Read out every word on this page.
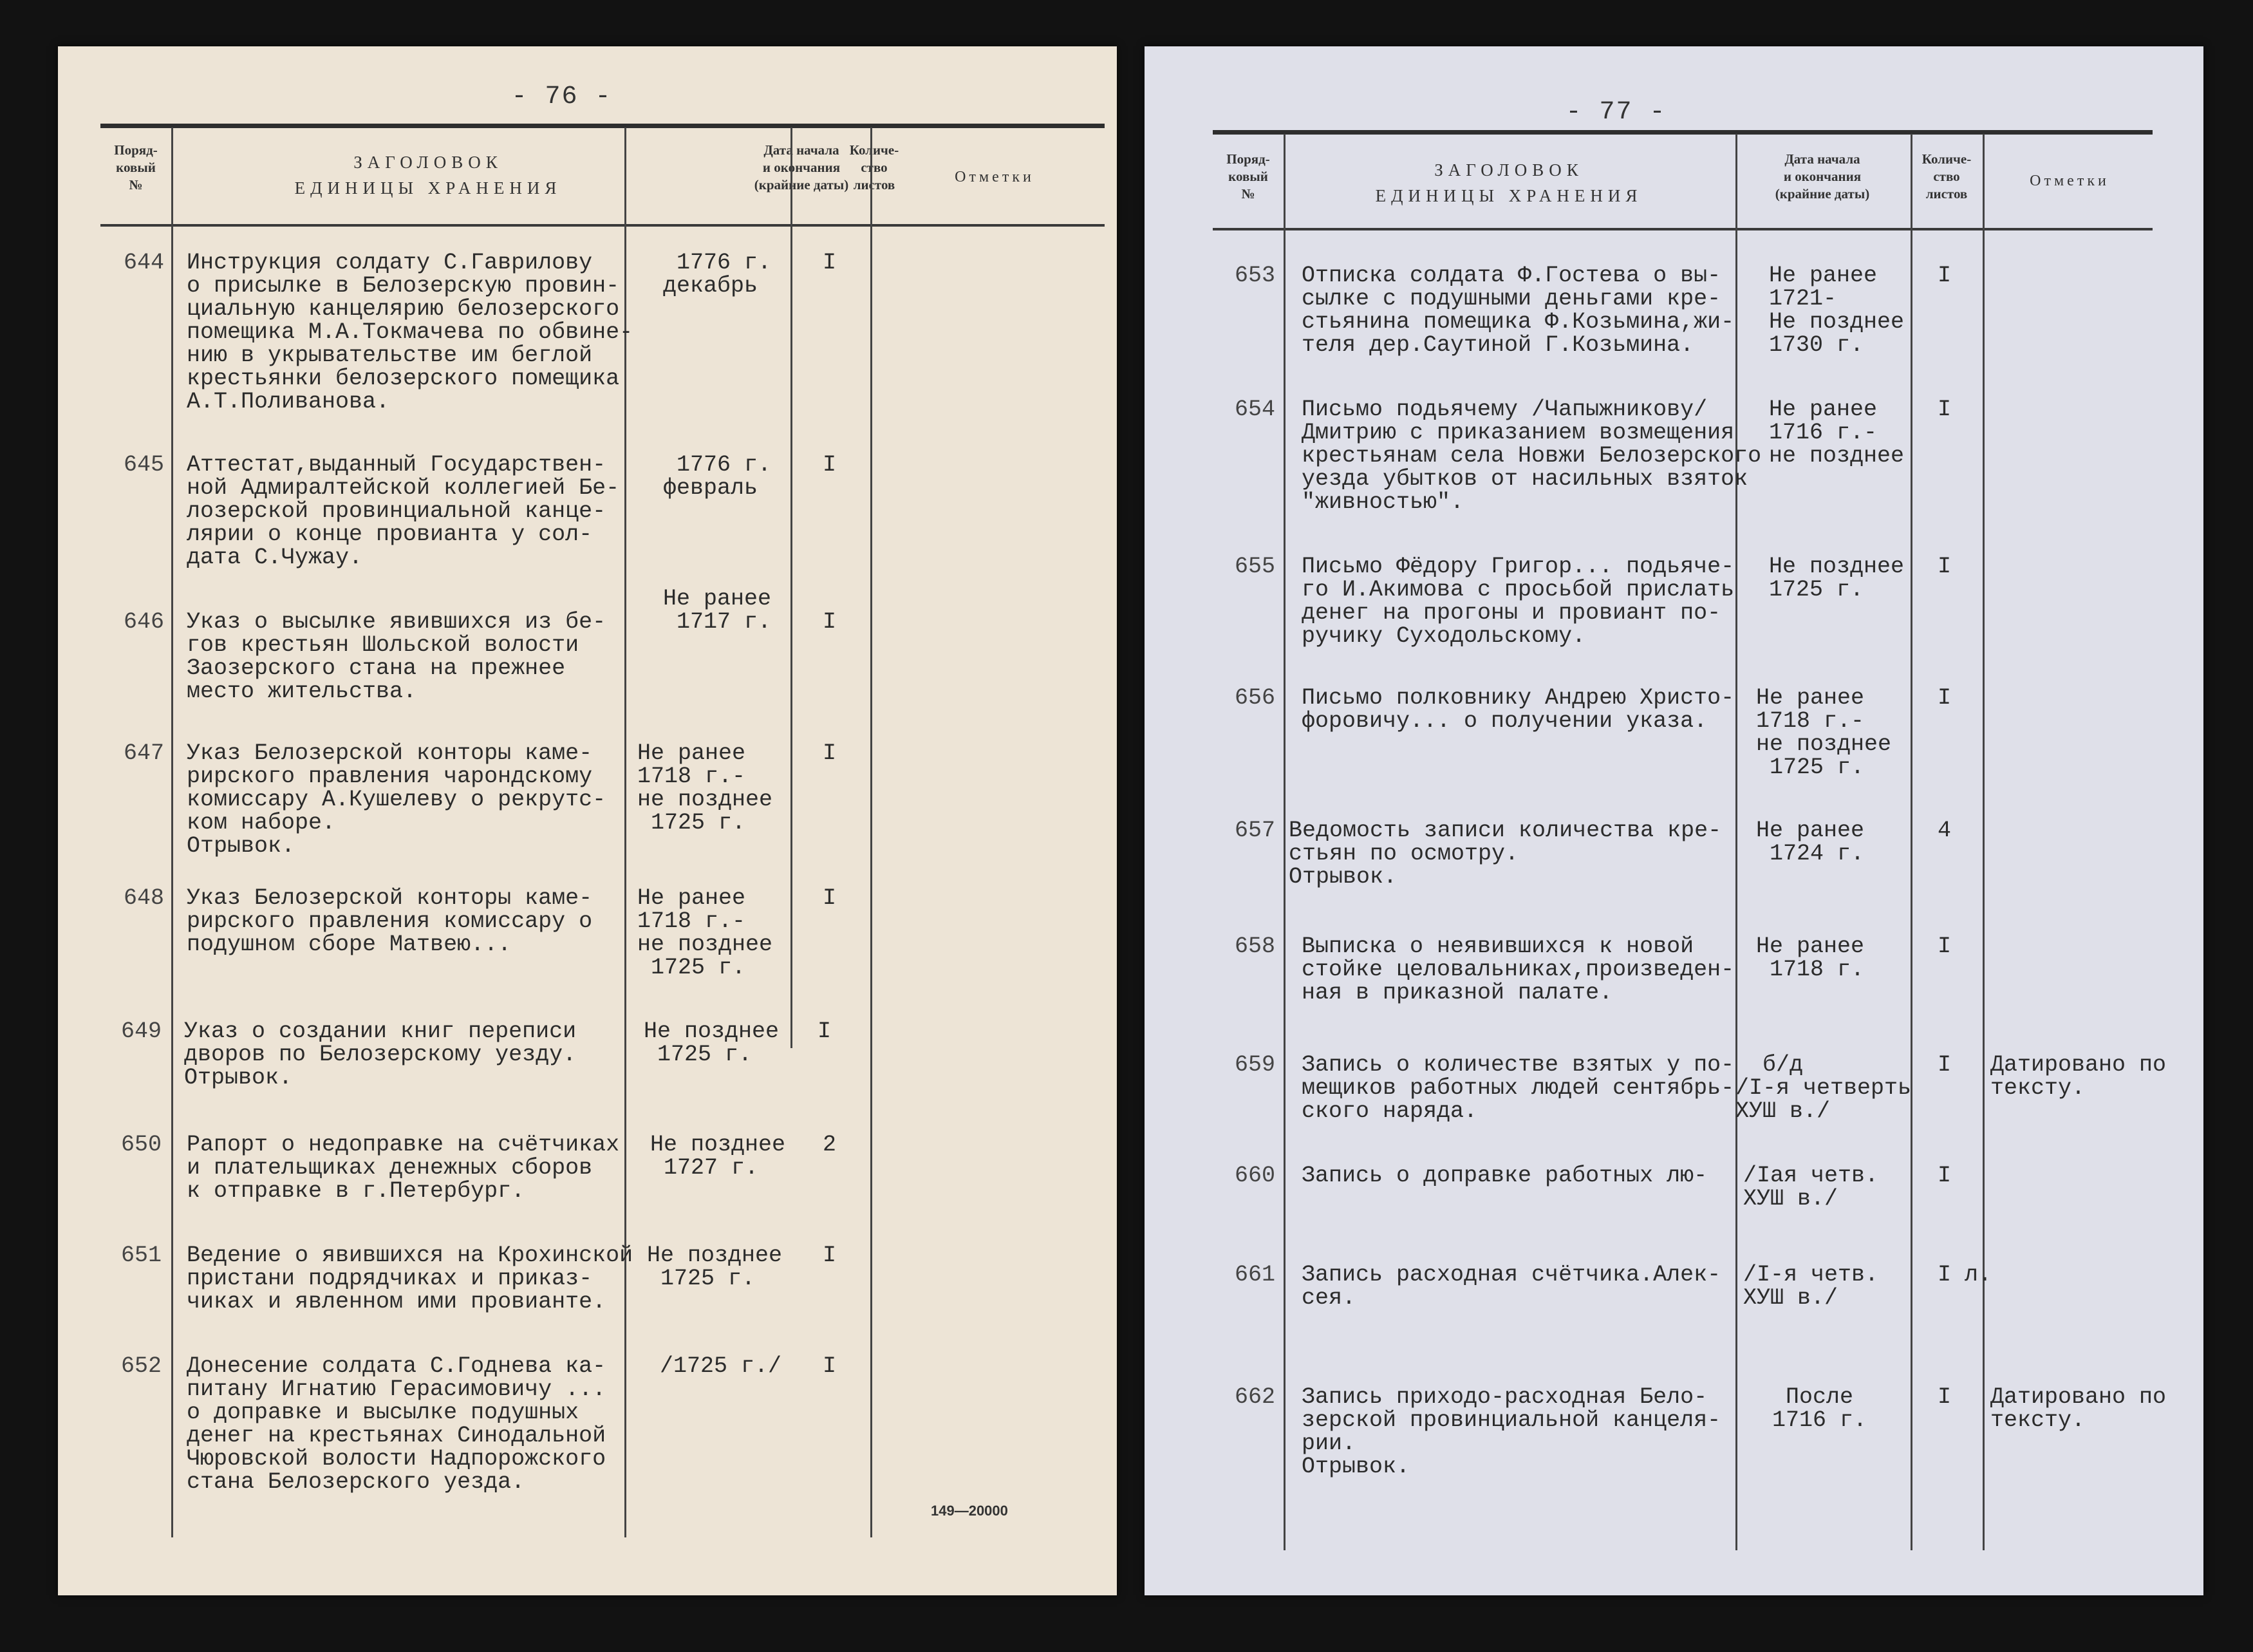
- 76 -
Поряд-
ковый
№
ЗАГОЛОВОК
ЕДИНИЦЫ ХРАНЕНИЯ
Дата начала
и окончания
(крайние даты)
Количе-
ство
листов	Отметки
644 Инструкция солдату С.Гаврилову
о присылке в Белозерскую провин-
циальную канцелярию белозерского
помещика М.А.Токмачева по обвине-
нию в укрывательстве им беглой
крестьянки белозерского помещика
А.Т.Поливанова.
1776 г.
декабрь
I
645 Аттестат,выданный Государствен-
ной Адмиралтейской коллегией Бе-
лозерской провинциальной канце-
лярии о конце провианта у сол-
дата С.Чужау.
1776 г.
февраль
I
646 Указ о высылке явившихся из бе-
гов крестьян Шольской волости
Заозерского стана на прежнее
место жительства.
Не ранее
1717 г. I
647 Указ Белозерской конторы каме-
рирского правления чарондскому
комиссару А.Кушелеву о рекрутс-
ком наборе.
Отрывок.
Не ранее
1718 г.-
не позднее
1725 г.
I
648 Указ Белозерской конторы каме-
рирского правления комиссару о
подушном сборе Матвею...
Не ранее
1718 г.-
не позднее
1725 г.
I
649 Указ о создании книг переписи
дворов по Белозерскому уезду.
Отрывок.
Не позднее
1725 г.
I
650 Рапорт о недоправке на счётчиках
и плательщиках денежных сборов
к отправке в г.Петербург.
Не позднее
1727 г.
2
651 Ведение о явившихся на Крохинской
пристани подрядчиках и приказ-
чиках и явленном ими провианте.
Не позднее
1725 г.
I
652 Донесение солдата С.Годнева ка-
питану Игнатию Герасимовичу ...
о доправке и высылке подушных
денег на крестьянах Синодальной
Чюровской волости Надпорожского
стана Белозерского уезда.
/1725 г./ I
149—20000
- 77 -
Поряд-
ковый
№
ЗАГОЛОВОК
ЕДИНИЦЫ ХРАНЕНИЯ
Дата начала
и окончания
(крайние даты)
Количе-
ство
листов
Отметки
653 Отписка солдата Ф.Гостева о вы-
сылке с подушными деньгами кре-
стьянина помещика Ф.Козьмина,жи-
теля дер.Саутиной Г.Козьмина.
Не ранее
1721-
Не позднее
1730 г.
I
654 Письмо подьячему /Чапыжникову/
Дмитрию с приказанием возмещения
крестьянам села Новжи Белозерского
уезда убытков от насильных взяток
"живностью".
Не ранее
1716 г.-
не позднее
I
655 Письмо Фёдору Григор... подьяче-
го И.Акимова с просьбой прислать
денег на прогоны и провиант по-
ручику Суходольскому.
Не позднее
1725 г.
I
656 Письмо полковнику Андрею Христо-
форовичу... о получении указа.
Не ранее
1718 г.-
не позднее
1725 г.
I
657 Ведомость записи количества кре-
стьян по осмотру.
Отрывок.
Не ранее
1724 г.
4
658 Выписка о неявившихся к новой
стойке целовальниках,произведен-
ная в приказной палате.
Не ранее
1718 г.
I
659 Запись о количестве взятых у по-
мещиков работных людей сентябрь-
ского наряда.
б/д
/I-я четверть
ХУШ в./
I Датировано по
тексту.
660 Запись о доправке работных лю- /Iая четв.
ХУШ в./
I
661 Запись расходная счётчика.Алек-
сея.
/I-я четв.
ХУШ в./
I л.
662 Запись приходо-расходная Бело-
зерской провинциальной канцеля-
рии.
Отрывок.
После
1716 г.
I Датировано по
тексту.
